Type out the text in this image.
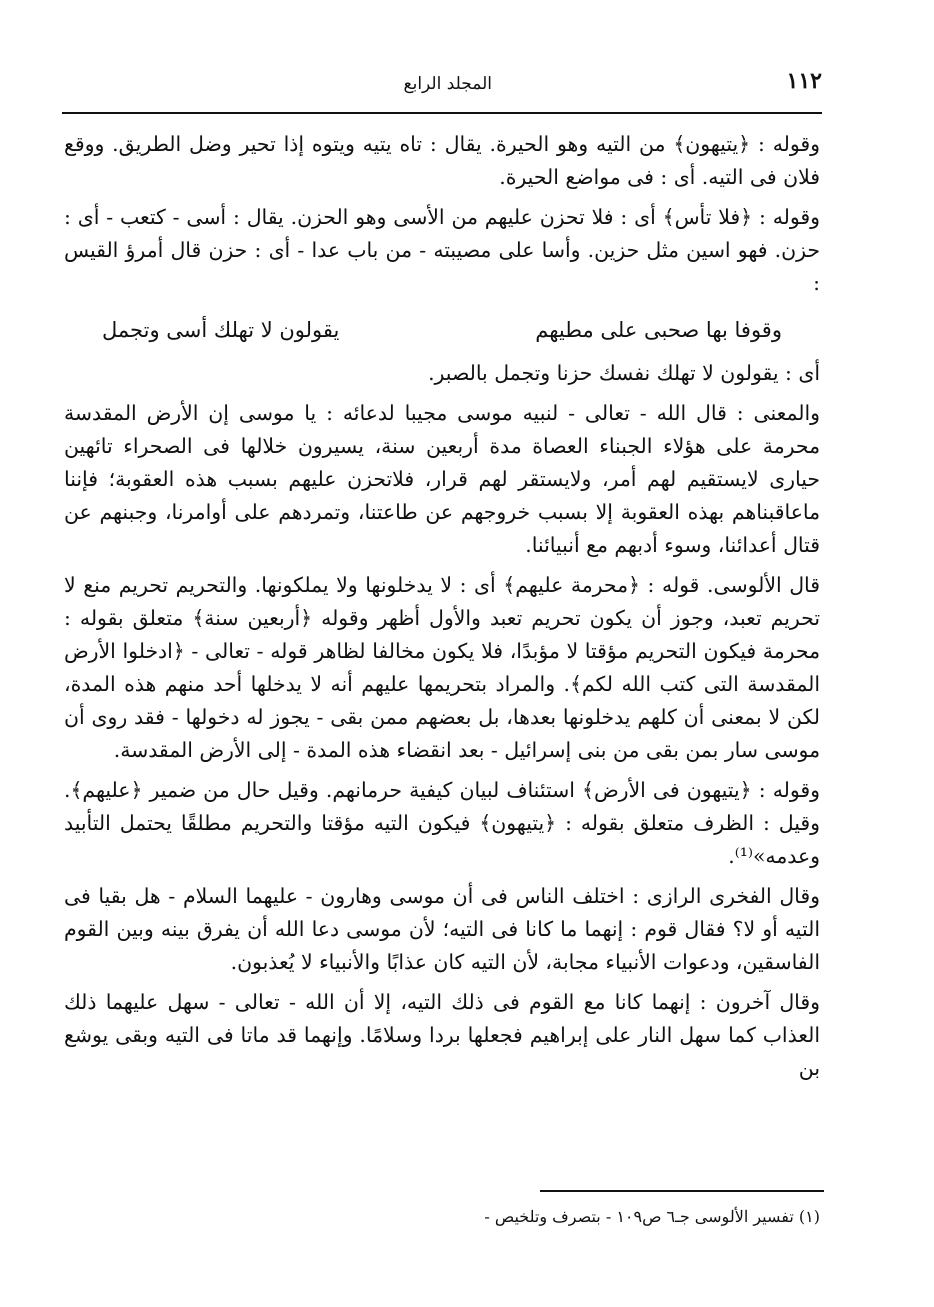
١١٢
المجلد الرابع

وقوله : ﴿يتيهون﴾ من التيه وهو الحيرة. يقال : تاه يتيه ويتوه إذا تحير وضل الطريق. ووقع فلان فى التيه. أى : فى مواضع الحيرة.

وقوله : ﴿فلا تأس﴾ أى : فلا تحزن عليهم من الأسى وهو الحزن. يقال : أسى - كتعب - أى : حزن. فهو اسين مثل حزين. وأسا على مصيبته - من باب عدا - أى : حزن قال أمرؤ القيس :

وقوفا بها صحبى على مطيهم
يقولون لا تهلك أسى وتجمل

أى : يقولون لا تهلك نفسك حزنا وتجمل بالصبر.

والمعنى : قال الله - تعالى - لنبيه موسى مجيبا لدعائه : يا موسى إن الأرض المقدسة محرمة على هؤلاء الجبناء العصاة مدة أربعين سنة، يسيرون خلالها فى الصحراء تائهين حيارى لايستقيم لهم أمر، ولايستقر لهم قرار، فلاتحزن عليهم بسبب هذه العقوبة؛ فإننا ماعاقبناهم بهذه العقوبة إلا بسبب خروجهم عن طاعتنا، وتمردهم على أوامرنا، وجبنهم عن قتال أعدائنا، وسوء أدبهم مع أنبيائنا.

قال الألوسى. قوله : ﴿محرمة عليهم﴾ أى : لا يدخلونها ولا يملكونها. والتحريم تحريم منع لا تحريم تعبد، وجوز أن يكون تحريم تعبد والأول أظهر وقوله ﴿أربعين سنة﴾ متعلق بقوله : محرمة فيكون التحريم مؤقتا لا مؤبدًا، فلا يكون مخالفا لظاهر قوله - تعالى - ﴿ادخلوا الأرض المقدسة التى كتب الله لكم﴾. والمراد بتحريمها عليهم أنه لا يدخلها أحد منهم هذه المدة، لكن لا بمعنى أن كلهم يدخلونها بعدها، بل بعضهم ممن بقى - يجوز له دخولها - فقد روى أن موسى سار بمن بقى من بنى إسرائيل - بعد انقضاء هذه المدة - إلى الأرض المقدسة.

وقوله : ﴿يتيهون فى الأرض﴾ استئناف لبيان كيفية حرمانهم. وقيل حال من ضمير ﴿عليهم﴾. وقيل : الظرف متعلق بقوله : ﴿يتيهون﴾ فيكون التيه مؤقتا والتحريم مطلقًا يحتمل التأبيد وعدمه»⁽¹⁾.

وقال الفخرى الرازى : اختلف الناس فى أن موسى وهارون - عليهما السلام - هل بقيا فى التيه أو لا؟ فقال قوم : إنهما ما كانا فى التيه؛ لأن موسى دعا الله أن يفرق بينه وبين القوم الفاسقين، ودعوات الأنبياء مجابة، لأن التيه كان عذابًا والأنبياء لا يُعذبون.

وقال آخرون : إنهما كانا مع القوم فى ذلك التيه، إلا أن الله - تعالى - سهل عليهما ذلك العذاب كما سهل النار على إبراهيم فجعلها بردا وسلامًا. وإنهما قد ماتا فى التيه وبقى يوشع بن

(١) تفسير الألوسى جـ٦ ص١٠٩ - بتصرف وتلخيص -
